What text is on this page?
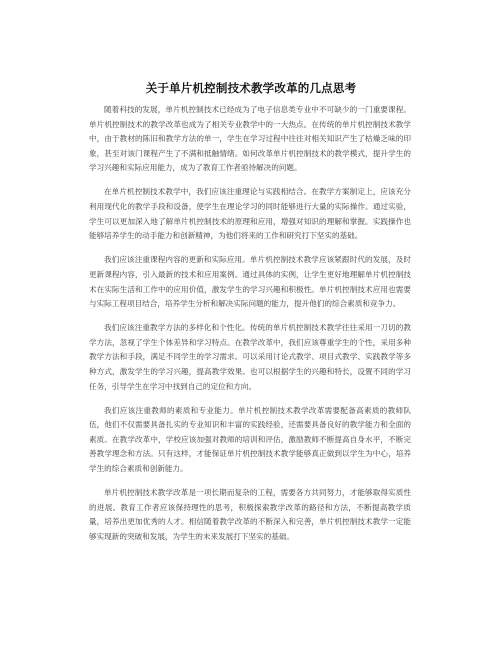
关于单片机控制技术教学改革的几点思考

随着科技的发展，单片机控制技术已经成为了电子信息类专业中不可缺少的一门重要课程。单片机控制技术的教学改革也成为了相关专业教学中的一大热点。在传统的单片机控制技术教学中，由于教材的陈旧和教学方法的单一，学生在学习过程中往往对相关知识产生了枯燥乏味的印象，甚至对该门课程产生了不满和抵触情绪。如何改革单片机控制技术的教学模式，提升学生的学习兴趣和实际应用能力，成为了教育工作者亟待解决的问题。

在单片机控制技术教学中，我们应该注重理论与实践相结合。在教学方案制定上，应该充分利用现代化的教学手段和设备，使学生在理论学习的同时能够进行大量的实际操作。通过实验，学生可以更加深入地了解单片机控制技术的原理和应用，增强对知识的理解和掌握。实践操作也能够培养学生的动手能力和创新精神，为他们将来的工作和研究打下坚实的基础。

我们应该注重课程内容的更新和实际应用。单片机控制技术教学应该紧跟时代的发展，及时更新课程内容，引入最新的技术和应用案例。通过具体的实例，让学生更好地理解单片机控制技术在实际生活和工作中的应用价值，激发学生的学习兴趣和积极性。单片机控制技术应用也需要与实际工程项目结合，培养学生分析和解决实际问题的能力，提升他们的综合素质和竞争力。

我们应该注重教学方法的多样化和个性化。传统的单片机控制技术教学往往采用一刀切的教学方法，忽视了学生个体差异和学习特点。在教学改革中，我们应该尊重学生的个性，采用多种教学方法和手段，满足不同学生的学习需求。可以采用讨论式教学、项目式教学、实践教学等多种方式，激发学生的学习兴趣，提高教学效果。也可以根据学生的兴趣和特长，设置不同的学习任务，引导学生在学习中找到自己的定位和方向。

我们应该注重教师的素质和专业能力。单片机控制技术教学改革需要配备高素质的教师队伍，他们不仅需要具备扎实的专业知识和丰富的实践经验，还需要具备良好的教学能力和全面的素质。在教学改革中，学校应该加强对教师的培训和评估，激励教师不断提高自身水平，不断完善教学理念和方法。只有这样，才能保证单片机控制技术教学能够真正做到以学生为中心，培养学生的综合素质和创新能力。

单片机控制技术教学改革是一项长期而复杂的工程，需要各方共同努力，才能够取得实质性的进展。教育工作者应该保持理性的思考，积极探索教学改革的路径和方法，不断提高教学质量，培养出更加优秀的人才。相信随着教学改革的不断深入和完善，单片机控制技术教学一定能够实现新的突破和发展，为学生的未来发展打下坚实的基础。
